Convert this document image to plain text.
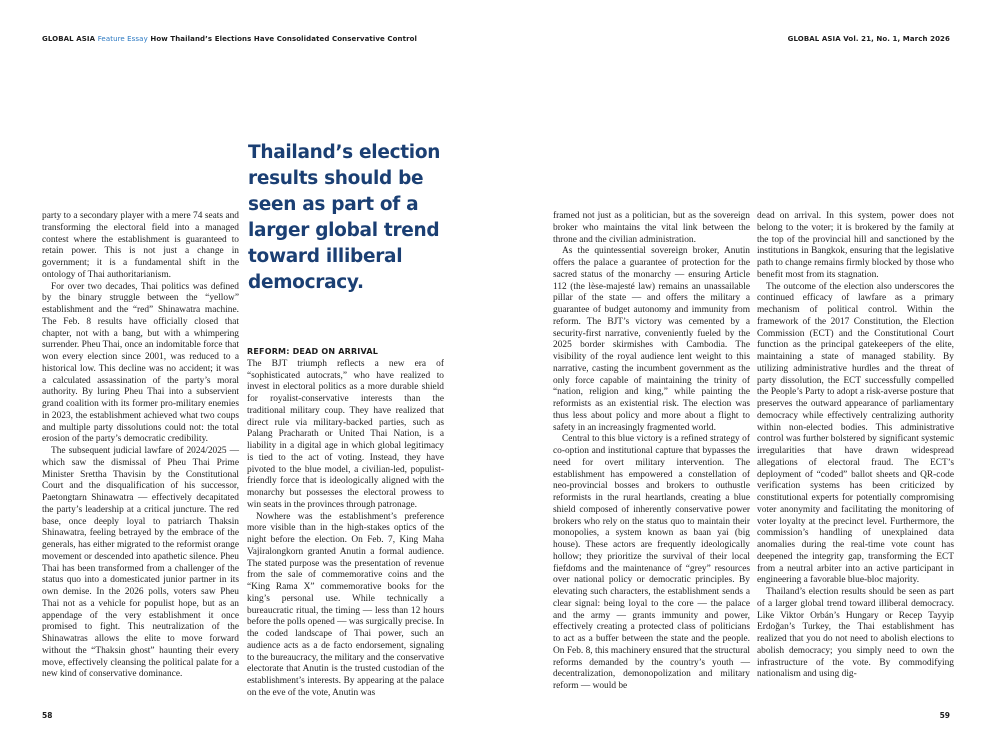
GLOBAL ASIA Feature Essay How Thailand’s Elections Have Consolidated Conservative Control	GLOBAL ASIA Vol. 21, No. 1, March 2026

party to a secondary player with a mere 74 seats and transforming the electoral field into a managed contest where the establishment is guaranteed to retain power. This is not just a change in government; it is a fundamental shift in the ontology of Thai authoritarianism.

For over two decades, Thai politics was defined by the binary struggle between the “yellow” establishment and the “red” Shinawatra machine. The Feb. 8 results have officially closed that chapter, not with a bang, but with a whimpering surrender. Pheu Thai, once an indomitable force that won every election since 2001, was reduced to a historical low. This decline was no accident; it was a calculated assassination of the party’s moral authority. By luring Pheu Thai into a subservient grand coalition with its former pro-military enemies in 2023, the establishment achieved what two coups and multiple party dissolutions could not: the total erosion of the party’s democratic credibility.

The subsequent judicial lawfare of 2024/2025 — which saw the dismissal of Pheu Thai Prime Minister Srettha Thavisin by the Constitutional Court and the disqualification of his successor, Paetongtarn Shinawatra — effectively decapitated the party’s leadership at a critical juncture. The red base, once deeply loyal to patriarch Thaksin Shinawatra, feeling betrayed by the embrace of the generals, has either migrated to the reformist orange movement or descended into apathetic silence. Pheu Thai has been transformed from a challenger of the status quo into a domesticated junior partner in its own demise. In the 2026 polls, voters saw Pheu Thai not as a vehicle for populist hope, but as an appendage of the very establishment it once promised to fight. This neutralization of the Shinawatras allows the elite to move forward without the “Thaksin ghost” haunting their every move, effectively cleansing the political palate for a new kind of conservative dominance.

Thailand’s election results should be seen as part of a larger global trend toward illiberal democracy.
REFORM: DEAD ON ARRIVAL

The BJT triumph reflects a new era of “sophisticated autocrats,” who have realized to invest in electoral politics as a more durable shield for royalist-conservative interests than the traditional military coup. They have realized that direct rule via military-backed parties, such as Palang Pracharath or United Thai Nation, is a liability in a digital age in which global legitimacy is tied to the act of voting. Instead, they have pivoted to the blue model, a civilian-led, populist-friendly force that is ideologically aligned with the monarchy but possesses the electoral prowess to win seats in the provinces through patronage.

Nowhere was the establishment’s preference more visible than in the high-stakes optics of the night before the election. On Feb. 7, King Maha Vajiralongkorn granted Anutin a formal audience. The stated purpose was the presentation of revenue from the sale of commemorative coins and the “King Rama X” commemorative books for the king’s personal use. While technically a bureaucratic ritual, the timing — less than 12 hours before the polls opened — was surgically precise. In the coded landscape of Thai power, such an audience acts as a de facto endorsement, signaling to the bureaucracy, the military and the conservative electorate that Anutin is the trusted custodian of the establishment’s interests. By appearing at the palace on the eve of the vote, Anutin was

framed not just as a politician, but as the sovereign broker who maintains the vital link between the throne and the civilian administration.

As the quintessential sovereign broker, Anutin offers the palace a guarantee of protection for the sacred status of the monarchy — ensuring Article 112 (the lèse-majesté law) remains an unassailable pillar of the state — and offers the military a guarantee of budget autonomy and immunity from reform. The BJT’s victory was cemented by a security-first narrative, conveniently fueled by the 2025 border skirmishes with Cambodia. The visibility of the royal audience lent weight to this narrative, casting the incumbent government as the only force capable of maintaining the trinity of “nation, religion and king,” while painting the reformists as an existential risk. The election was thus less about policy and more about a flight to safety in an increasingly fragmented world.

Central to this blue victory is a refined strategy of co-option and institutional capture that bypasses the need for overt military intervention. The establishment has empowered a constellation of neo-provincial bosses and brokers to outhustle reformists in the rural heartlands, creating a blue shield composed of inherently conservative power brokers who rely on the status quo to maintain their monopolies, a system known as baan yai (big house). These actors are frequently ideologically hollow; they prioritize the survival of their local fiefdoms and the maintenance of “grey” resources over national policy or democratic principles. By elevating such characters, the establishment sends a clear signal: being loyal to the core — the palace and the army — grants immunity and power, effectively creating a protected class of politicians to act as a buffer between the state and the people. On Feb. 8, this machinery ensured that the structural reforms demanded by the country’s youth — decentralization, demonopolization and military reform — would be

dead on arrival. In this system, power does not belong to the voter; it is brokered by the family at the top of the provincial hill and sanctioned by the institutions in Bangkok, ensuring that the legislative path to change remains firmly blocked by those who benefit most from its stagnation.

The outcome of the election also underscores the continued efficacy of lawfare as a primary mechanism of political control. Within the framework of the 2017 Constitution, the Election Commission (ECT) and the Constitutional Court function as the principal gatekeepers of the elite, maintaining a state of managed stability. By utilizing administrative hurdles and the threat of party dissolution, the ECT successfully compelled the People’s Party to adopt a risk-averse posture that preserves the outward appearance of parliamentary democracy while effectively centralizing authority within non-elected bodies. This administrative control was further bolstered by significant systemic irregularities that have drawn widespread allegations of electoral fraud. The ECT’s deployment of “coded” ballot sheets and QR-code verification systems has been criticized by constitutional experts for potentially compromising voter anonymity and facilitating the monitoring of voter loyalty at the precinct level. Furthermore, the commission’s handling of unexplained data anomalies during the real-time vote count has deepened the integrity gap, transforming the ECT from a neutral arbiter into an active participant in engineering a favorable blue-bloc majority.

Thailand’s election results should be seen as part of a larger global trend toward illiberal democracy. Like Viktor Orbán’s Hungary or Recep Tayyip Erdoğan’s Turkey, the Thai establishment has realized that you do not need to abolish elections to abolish democracy; you simply need to own the infrastructure of the vote. By commodifying nationalism and using dig-

58	59
